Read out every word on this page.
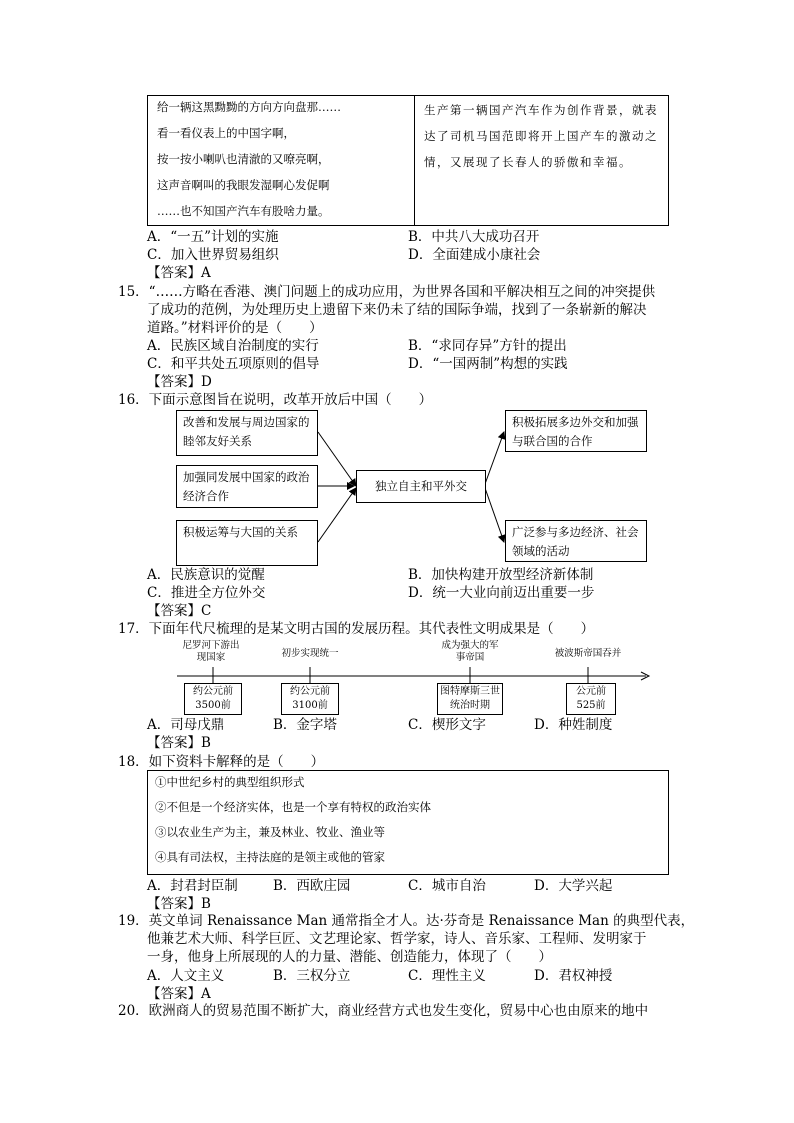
给一辆这黑黝黝的方向方向盘那……
看一看仪表上的中国字啊，
按一按小喇叭也清澈的又嘹亮啊，
这声音啊叫的我眼发湿啊心发促啊
……也不知国产汽车有股啥力量。
生产第一辆国产汽车作为创作背景，就表达了司机马国范即将开上国产车的激动之情，又展现了长春人的骄傲和幸福。
A．“一五”计划的实施	B．中共八大成功召开
C．加入世界贸易组织	D．全面建成小康社会
【答案】A
15．“……方略在香港、澳门问题上的成功应用，为世界各国和平解决相互之间的冲突提供
了成功的范例，为处理历史上遗留下来仍未了结的国际争端，找到了一条崭新的解决
道路。”材料评价的是（　　）
A．民族区域自治制度的实行	B．“求同存异”方针的提出
C．和平共处五项原则的倡导	D．“一国两制”构想的实践
【答案】D
16．下面示意图旨在说明，改革开放后中国（　　）
改善和发展与周边国家的睦邻友好关系
加强同发展中国家的政治经济合作
积极运筹与大国的关系
独立自主和平外交
积极拓展多边外交和加强与联合国的合作
广泛参与多边经济、社会领域的活动
A．民族意识的觉醒	B．加快构建开放型经济新体制
C．推进全方位外交	D．统一大业向前迈出重要一步
【答案】C
17．下面年代尺梳理的是某文明古国的发展历程。其代表性文明成果是（　　）
尼罗河下游出现国家	初步实现统一
成为强大的军事帝国	被波斯帝国吞并
约公元前3500前
约公元前3100前
图特摩斯三世统治时期
公元前525前
A．司母戊鼎	B．金字塔	C．楔形文字	D．种姓制度
【答案】B
18．如下资料卡解释的是（　　）
①中世纪乡村的典型组织形式
②不但是一个经济实体，也是一个享有特权的政治实体
③以农业生产为主，兼及林业、牧业、渔业等
④具有司法权，主持法庭的是领主或他的管家
A．封君封臣制	B．西欧庄园	C．城市自治	D．大学兴起
【答案】B
19．英文单词 Renaissance Man 通常指全才人。达·芬奇是 Renaissance Man 的典型代表，
他兼艺术大师、科学巨匠、文艺理论家、哲学家，诗人、音乐家、工程师、发明家于
一身，他身上所展现的人的力量、潜能、创造能力，体现了（　　）
A．人文主义	B．三权分立	C．理性主义	D．君权神授
【答案】A
20．欧洲商人的贸易范围不断扩大，商业经营方式也发生变化，贸易中心也由原来的地中
